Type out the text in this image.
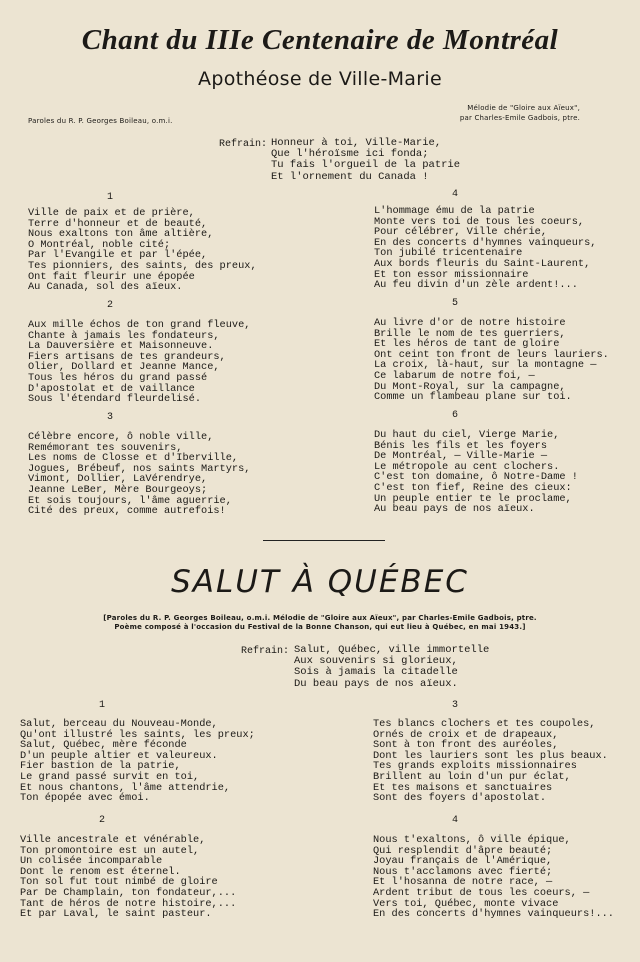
Chant du IIIe Centenaire de Montréal
Apothéose de Ville-Marie
Paroles du R. P. Georges Boileau, o.m.i.
Mélodie de "Gloire aux Aïeux",
par Charles-Emile Gadbois, ptre.
Refrain: Honneur à toi, Ville-Marie,
Que l'héroïsme ici fonda;
Tu fais l'orgueil de la patrie
Et l'ornement du Canada !
1
Ville de paix et de prière,
Terre d'honneur et de beauté,
Nous exaltons ton âme altière,
O Montréal, noble cité;
Par l'Evangile et par l'épée,
Tes pionniers, des saints, des preux,
Ont fait fleurir une épopée
Au Canada, sol des aïeux.
2
Aux mille échos de ton grand fleuve,
Chante à jamais les fondateurs,
La Dauversière et Maisonneuve.
Fiers artisans de tes grandeurs,
Olier, Dollard et Jeanne Mance,
Tous les héros du grand passé
D'apostolat et de vaillance
Sous l'étendard fleurdelisé.
3
Célèbre encore, ô noble ville,
Remémorant tes souvenirs,
Les noms de Closse et d'Iberville,
Jogues, Brébeuf, nos saints Martyrs,
Vimont, Dollier, LaVérendrye,
Jeanne LeBer, Mère Bourgeoys;
Et sois toujours, l'âme aguerrie,
Cité des preux, comme autrefois!
4
L'hommage ému de la patrie
Monte vers toi de tous les coeurs,
Pour célébrer, Ville chérie,
En des concerts d'hymnes vainqueurs,
Ton jubilé tricentenaire
Aux bords fleuris du Saint-Laurent,
Et ton essor missionnaire
Au feu divin d'un zèle ardent!...
5
Au livre d'or de notre histoire
Brille le nom de tes guerriers,
Et les héros de tant de gloire
Ont ceint ton front de leurs lauriers.
La croix, là-haut, sur la montagne —
Ce labarum de notre foi, —
Du Mont-Royal, sur la campagne,
Comme un flambeau plane sur toi.
6
Du haut du ciel, Vierge Marie,
Bénis les fils et les foyers
De Montréal, — Ville-Marie —
Le métropole au cent clochers.
C'est ton domaine, ô Notre-Dame !
C'est ton fief, Reine des cieux:
Un peuple entier te le proclame,
Au beau pays de nos aïeux.
SALUT À QUÉBEC
[Paroles du R. P. Georges Boileau, o.m.i. Mélodie de "Gloire aux Aïeux", par Charles-Emile Gadbois, ptre.
Poème composé à l'occasion du Festival de la Bonne Chanson, qui eut lieu à Québec, en mai 1943.]
Refrain: Salut, Québec, ville immortelle
Aux souvenirs si glorieux,
Sois à jamais la citadelle
Du beau pays de nos aïeux.
1
Salut, berceau du Nouveau-Monde,
Qu'ont illustré les saints, les preux;
Salut, Québec, mère féconde
D'un peuple altier et valeureux.
Fier bastion de la patrie,
Le grand passé survit en toi,
Et nous chantons, l'âme attendrie,
Ton épopée avec émoi.
2
Ville ancestrale et vénérable,
Ton promontoire est un autel,
Un colisée incomparable
Dont le renom est éternel.
Ton sol fut tout nimbé de gloire
Par De Champlain, ton fondateur,...
Tant de héros de notre histoire,...
Et par Laval, le saint pasteur.
3
Tes blancs clochers et tes coupoles,
Ornés de croix et de drapeaux,
Sont à ton front des auréoles,
Dont les lauriers sont les plus beaux.
Tes grands exploits missionnaires
Brillent au loin d'un pur éclat,
Et tes maisons et sanctuaires
Sont des foyers d'apostolat.
4
Nous t'exaltons, ô ville épique,
Qui resplendit d'âpre beauté;
Joyau français de l'Amérique,
Nous t'acclamons avec fierté;
Et l'hosanna de notre race, —
Ardent tribut de tous les coeurs, —
Vers toi, Québec, monte vivace
En des concerts d'hymnes vainqueurs!...
